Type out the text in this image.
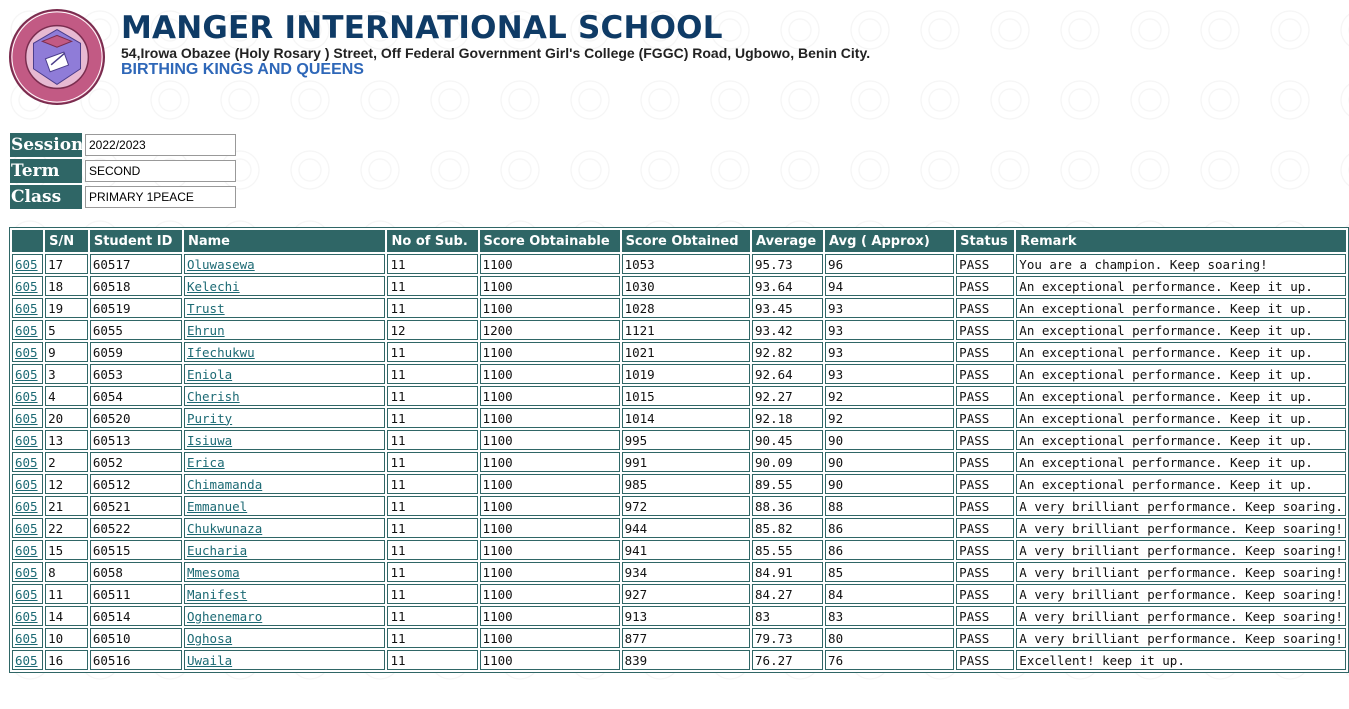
MANGER INTERNATIONAL SCHOOL
54,Irowa Obazee (Holy Rosary ) Street, Off Federal Government Girl's College (FGGC) Road, Ugbowo, Benin City.
BIRTHING KINGS AND QUEENS
Session 2022/2023
Term	SECOND
Class	PRIMARY 1PEACE
	S/N	Student ID	Name	No of Sub.	Score Obtainable	Score Obtained	Average	Avg ( Approx)	Status	Remark
605	17	60517	Oluwasewa	11	1100	1053	95.73	96	PASS	You are a champion. Keep soaring!
605	18	60518	Kelechi	11	1100	1030	93.64	94	PASS	An exceptional performance. Keep it up.
605	19	60519	Trust	11	1100	1028	93.45	93	PASS	An exceptional performance. Keep it up.
605	5	6055	Ehrun	12	1200	1121	93.42	93	PASS	An exceptional performance. Keep it up.
605	9	6059	Ifechukwu	11	1100	1021	92.82	93	PASS	An exceptional performance. Keep it up.
605	3	6053	Eniola	11	1100	1019	92.64	93	PASS	An exceptional performance. Keep it up.
605	4	6054	Cherish	11	1100	1015	92.27	92	PASS	An exceptional performance. Keep it up.
605	20	60520	Purity	11	1100	1014	92.18	92	PASS	An exceptional performance. Keep it up.
605	13	60513	Isiuwa	11	1100	995	90.45	90	PASS	An exceptional performance. Keep it up.
605	2	6052	Erica	11	1100	991	90.09	90	PASS	An exceptional performance. Keep it up.
605	12	60512	Chimamanda	11	1100	985	89.55	90	PASS	An exceptional performance. Keep it up.
605	21	60521	Emmanuel	11	1100	972	88.36	88	PASS	A very brilliant performance. Keep soaring.
605	22	60522	Chukwunaza	11	1100	944	85.82	86	PASS	A very brilliant performance. Keep soaring!
605	15	60515	Eucharia	11	1100	941	85.55	86	PASS	A very brilliant performance. Keep soaring!
605	8	6058	Mmesoma	11	1100	934	84.91	85	PASS	A very brilliant performance. Keep soaring!
605	11	60511	Manifest	11	1100	927	84.27	84	PASS	A very brilliant performance. Keep soaring!
605	14	60514	Oghenemaro	11	1100	913	83	83	PASS	A very brilliant performance. Keep soaring!
605	10	60510	Oghosa	11	1100	877	79.73	80	PASS	A very brilliant performance. Keep soaring!
605	16	60516	Uwaila	11	1100	839	76.27	76	PASS	Excellent! keep it up.
